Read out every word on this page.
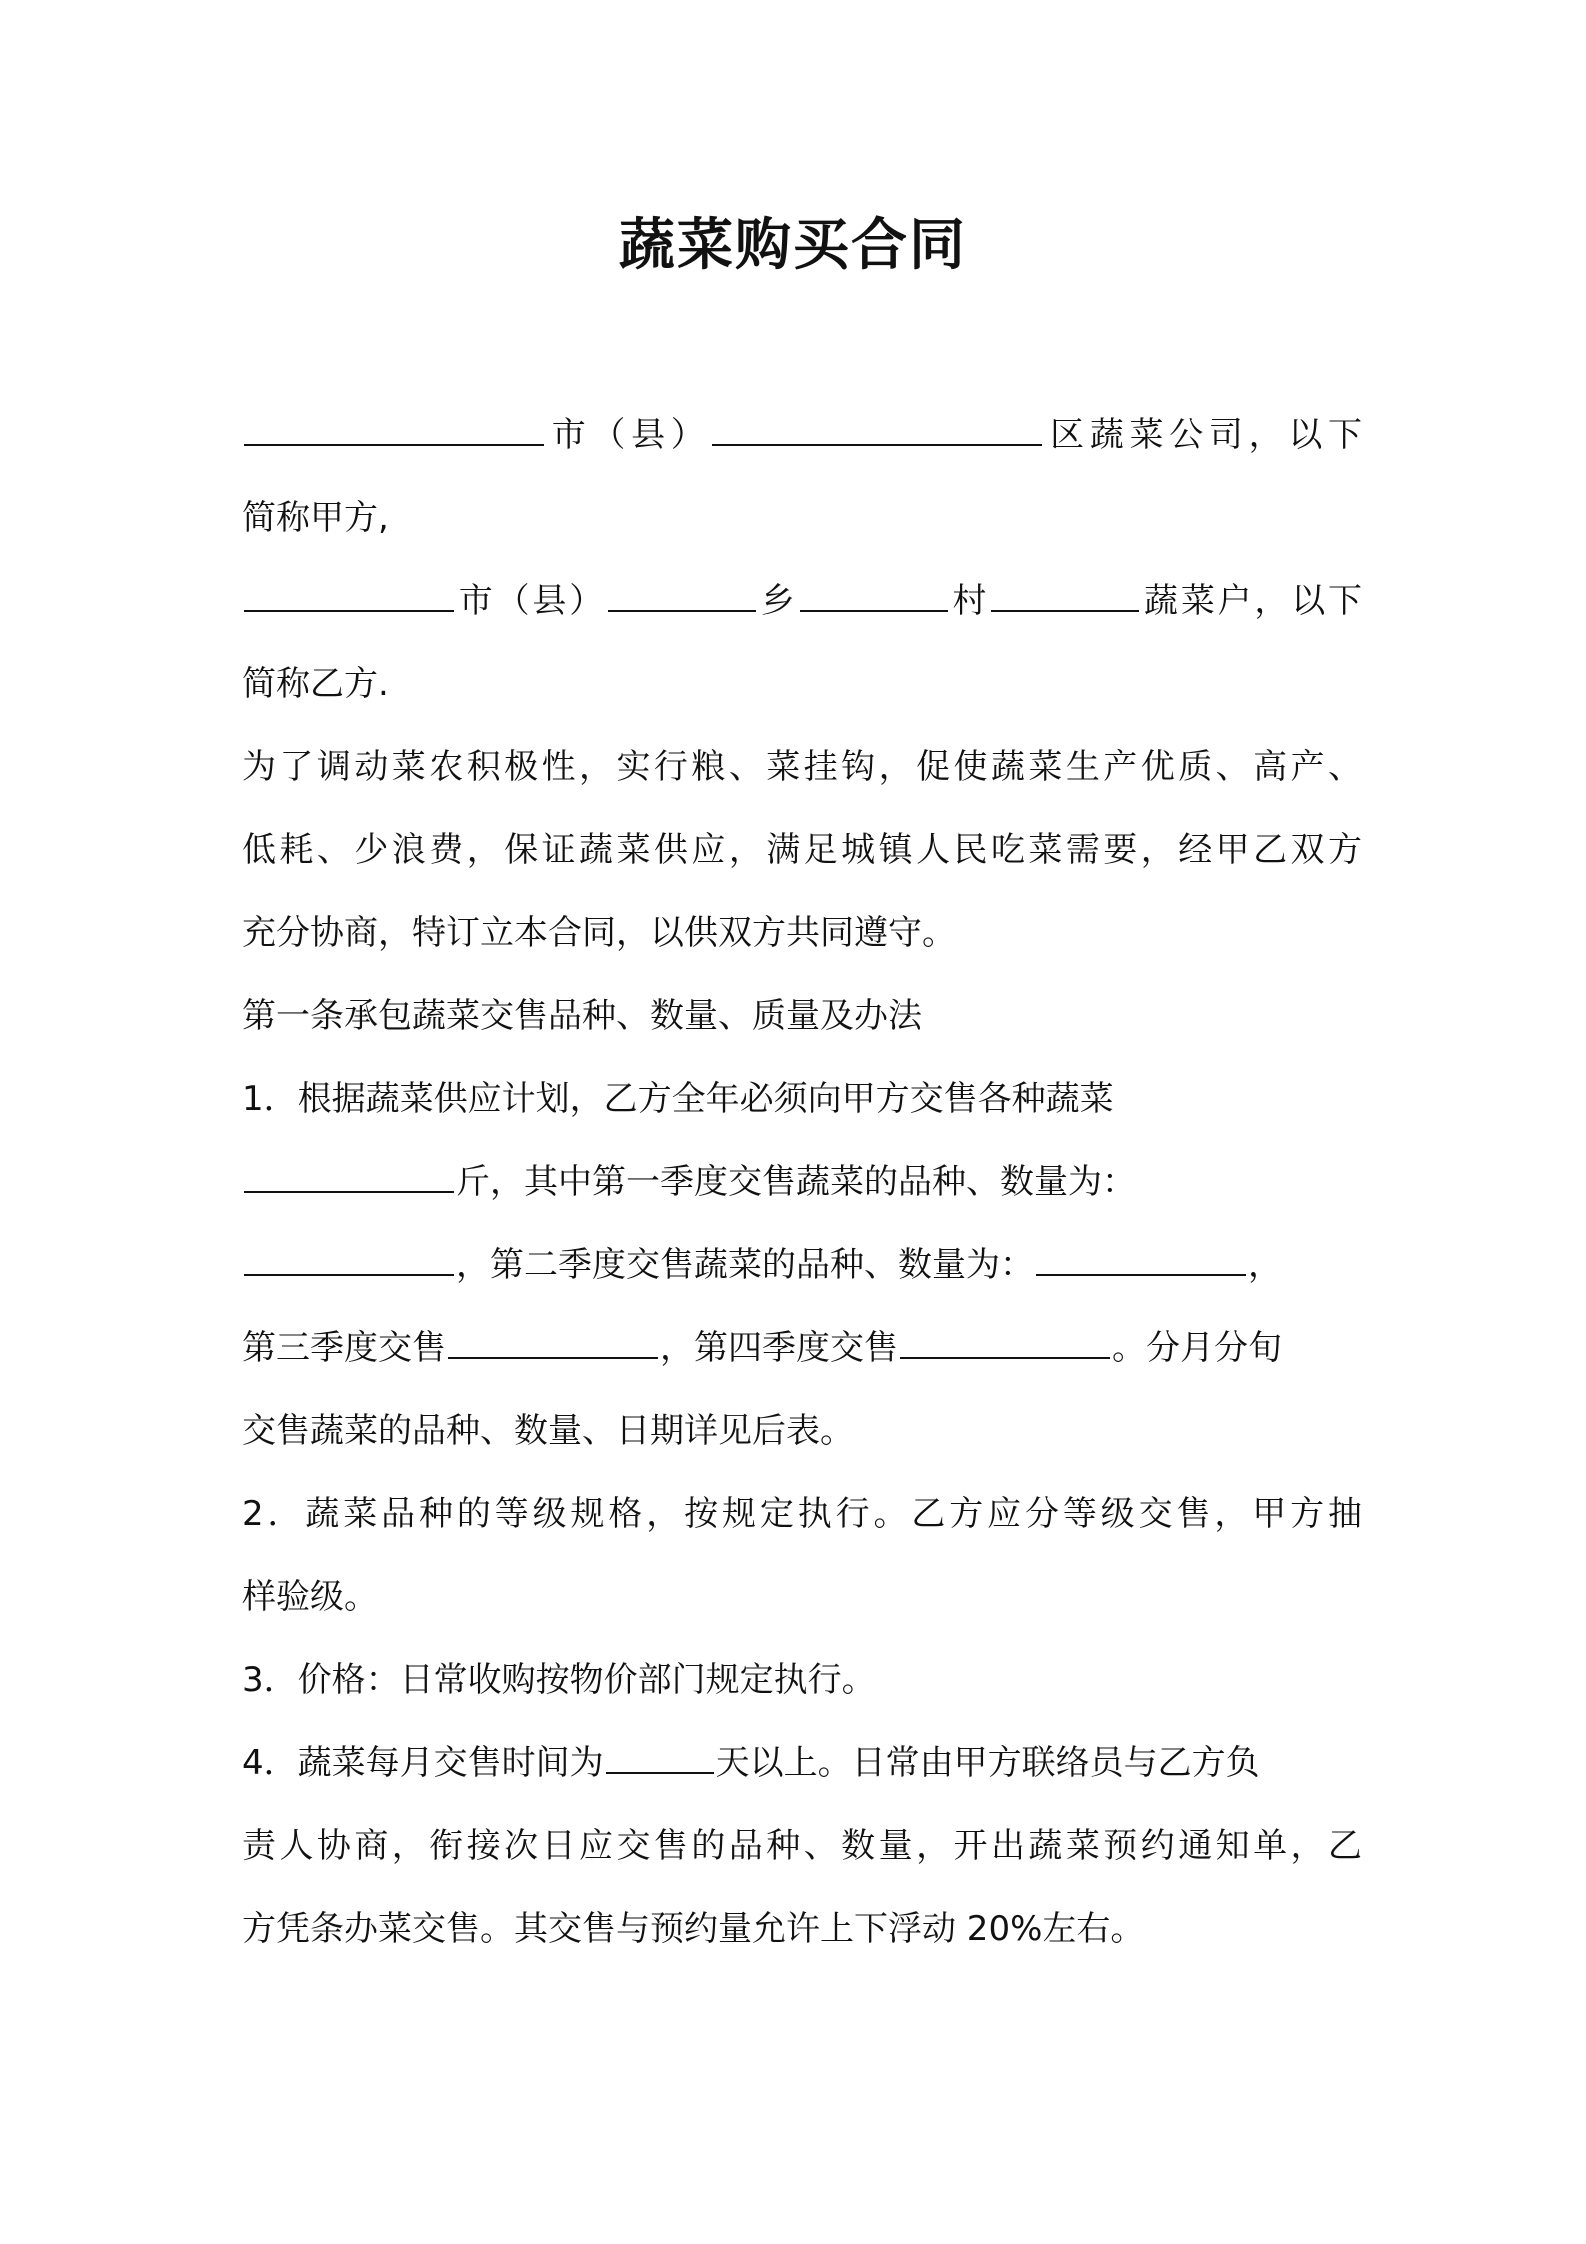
蔬菜购买合同

市（县）	区蔬菜公司，以下

简称甲方,

市（县）	乡	村	蔬菜户，以下

简称乙方.

为了调动菜农积极性，实行粮、菜挂钩，促使蔬菜生产优质、高产、

低耗、少浪费，保证蔬菜供应，满足城镇人民吃菜需要，经甲乙双方

充分协商，特订立本合同，以供双方共同遵守。

第一条承包蔬菜交售品种、数量、质量及办法

1．根据蔬菜供应计划，乙方全年必须向甲方交售各种蔬菜

斤，其中第一季度交售蔬菜的品种、数量为：

，第二季度交售蔬菜的品种、数量为：	，

第三季度交售	，第四季度交售	。分月分旬

交售蔬菜的品种、数量、日期详见后表。

2．蔬菜品种的等级规格，按规定执行。乙方应分等级交售，甲方抽

样验级。

3．价格：日常收购按物价部门规定执行。

4．蔬菜每月交售时间为	天以上。日常由甲方联络员与乙方负

责人协商，衔接次日应交售的品种、数量，开出蔬菜预约通知单，乙

方凭条办菜交售。其交售与预约量允许上下浮动 20%左右。
